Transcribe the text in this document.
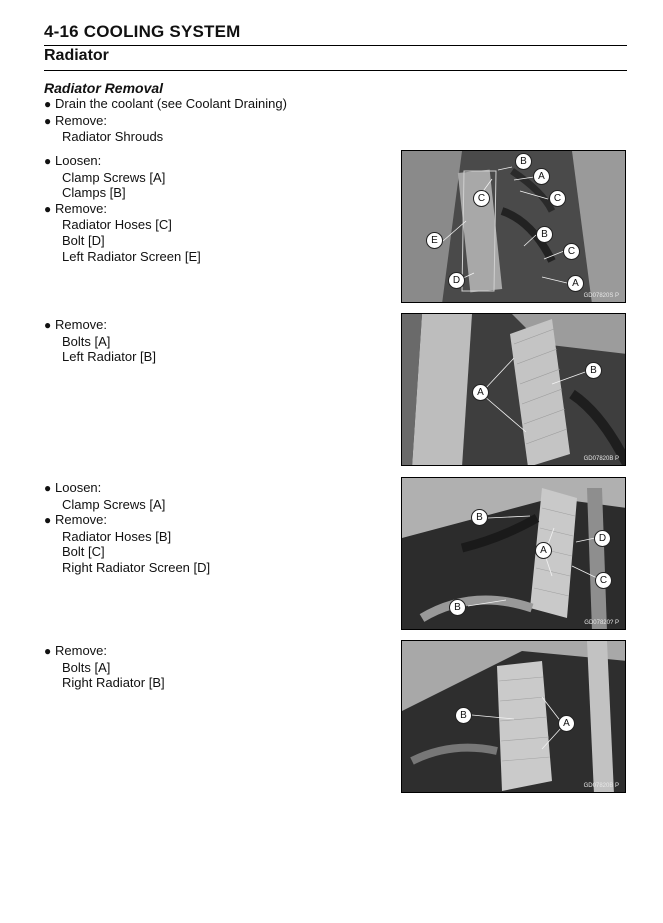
4-16 COOLING SYSTEM
Radiator
Radiator Removal
● Drain the coolant (see Coolant Draining)
● Remove:
Radiator Shrouds
● Loosen:
Clamp Screws [A]
Clamps [B]
● Remove:
Radiator Hoses [C]
Bolt [D]
Left Radiator Screen [E]
● Remove:
Bolts [A]
Left Radiator [B]
● Loosen:
Clamp Screws [A]
● Remove:
Radiator Hoses [B]
Bolt [C]
Right Radiator Screen [D]
● Remove:
Bolts [A]
Right Radiator [B]
B
A
C
C
E
B
C
D	A
GD07820S P
B
A
GD07820B P
B
D
A
C
B
GD07820? P
B
A
GD07820B P
